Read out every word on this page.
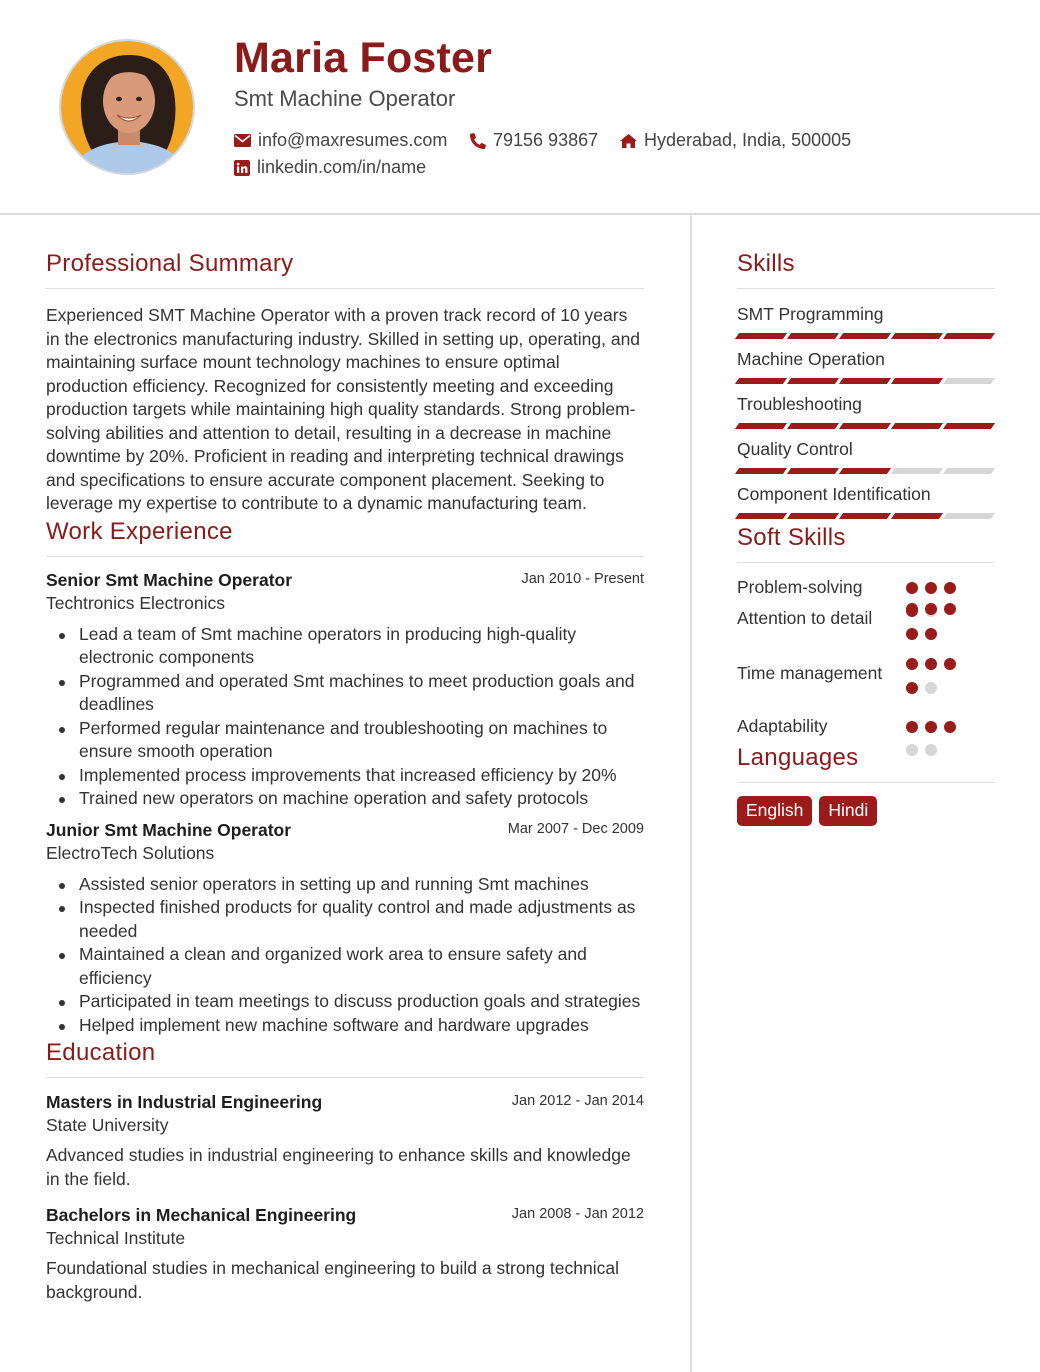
Maria Foster
Smt Machine Operator
info@maxresumes.com	79156 93867	Hyderabad, India, 500005
linkedin.com/in/name
Professional Summary

Experienced SMT Machine Operator with a proven track record of 10 years in the electronics manufacturing industry. Skilled in setting up, operating, and maintaining surface mount technology machines to ensure optimal production efficiency. Recognized for consistently meeting and exceeding production targets while maintaining high quality standards. Strong problem-solving abilities and attention to detail, resulting in a decrease in machine downtime by 20%. Proficient in reading and interpreting technical drawings and specifications to ensure accurate component placement. Seeking to leverage my expertise to contribute to a dynamic manufacturing team.

Work Experience
Senior Smt Machine Operator	Jan 2010 - Present
Techtronics Electronics
Lead a team of Smt machine operators in producing high-quality electronic components
Programmed and operated Smt machines to meet production goals and deadlines
Performed regular maintenance and troubleshooting on machines to ensure smooth operation
Implemented process improvements that increased efficiency by 20%
Trained new operators on machine operation and safety protocols
Junior Smt Machine Operator	Mar 2007 - Dec 2009
ElectroTech Solutions
Assisted senior operators in setting up and running Smt machines
Inspected finished products for quality control and made adjustments as needed
Maintained a clean and organized work area to ensure safety and efficiency
Participated in team meetings to discuss production goals and strategies
Helped implement new machine software and hardware upgrades
Education
Masters in Industrial Engineering	Jan 2012 - Jan 2014
State University

Advanced studies in industrial engineering to enhance skills and knowledge in the field.

Bachelors in Mechanical Engineering	Jan 2008 - Jan 2012
Technical Institute

Foundational studies in mechanical engineering to build a strong technical background.

Skills
SMT Programming
Machine Operation
Troubleshooting
Quality Control
Component Identification
Soft Skills
Problem-solving
Attention to detail
Time management
Adaptability
Languages
English	Hindi
